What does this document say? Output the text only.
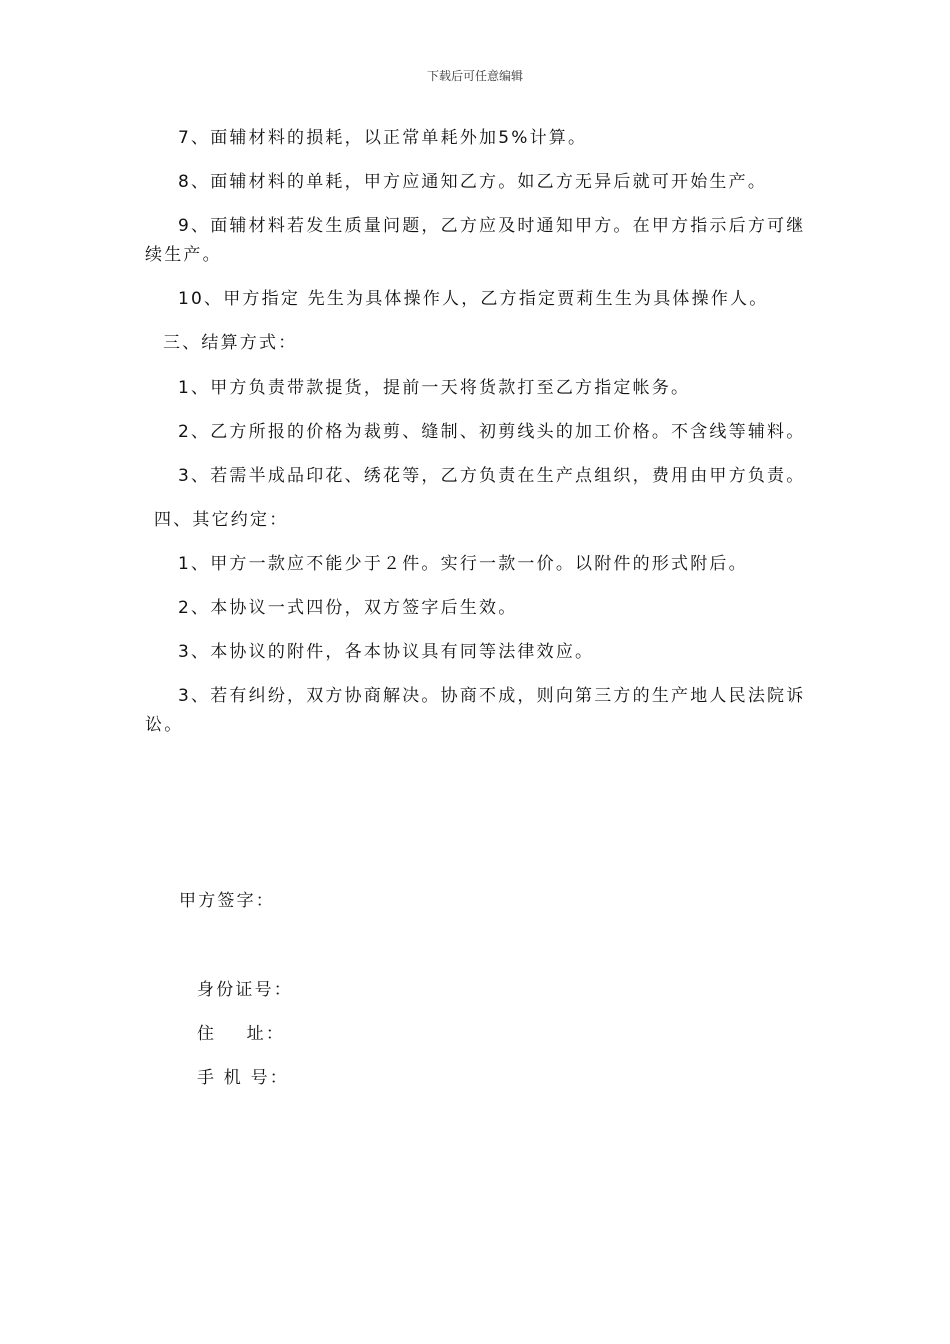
下载后可任意编辑
7、面辅材料的损耗，以正常单耗外加5%计算。
8、面辅材料的单耗，甲方应通知乙方。如乙方无异后就可开始生产。
9、面辅材料若发生质量问题，乙方应及时通知甲方。在甲方指示后方可继续生产。
10、甲方指定 先生为具体操作人，乙方指定贾莉生生为具体操作人。
三、结算方式：
1、甲方负责带款提货，提前一天将货款打至乙方指定帐务。
2、乙方所报的价格为裁剪、缝制、初剪线头的加工价格。不含线等辅料。
3、若需半成品印花、绣花等，乙方负责在生产点组织，费用由甲方负责。
四、其它约定：
1、甲方一款应不能少于２件。实行一款一价。以附件的形式附后。
2、本协议一式四份，双方签字后生效。
3、本协议的附件，各本协议具有同等法律效应。
3、若有纠纷，双方协商解决。协商不成，则向第三方的生产地人民法院诉讼。
甲方签字：
身份证号：
住    址：
手 机 号：
